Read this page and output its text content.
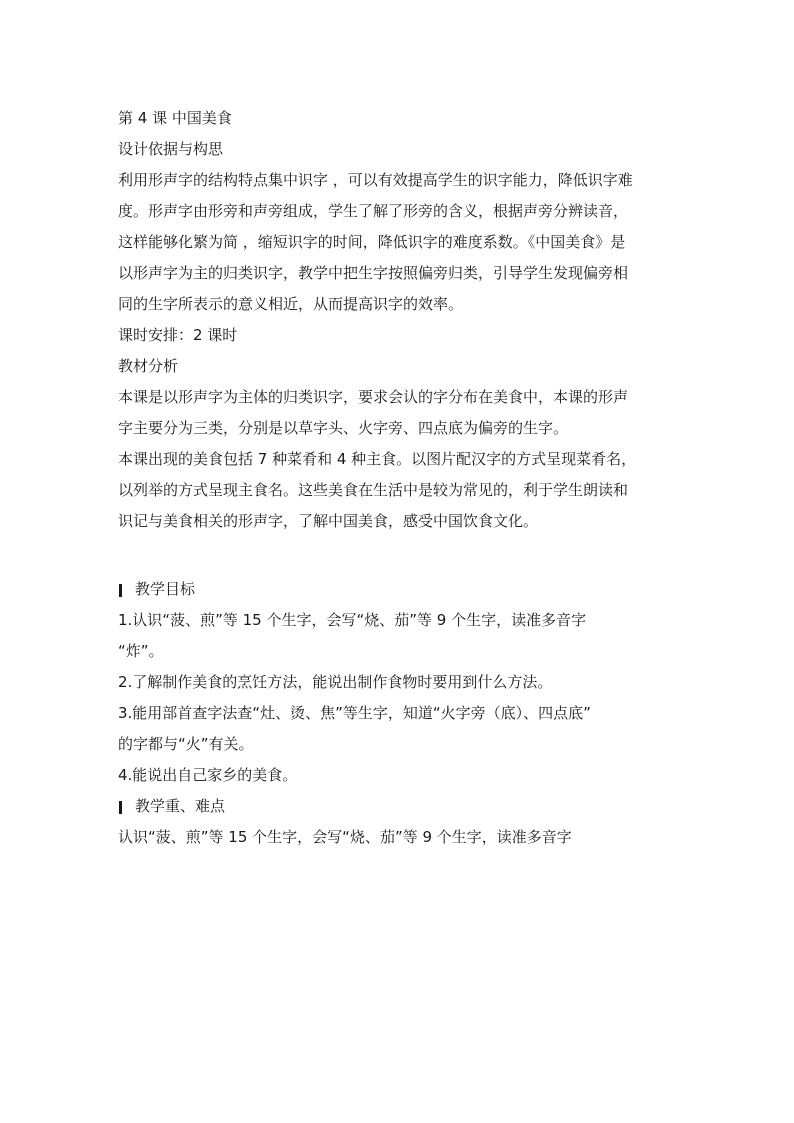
第 4 课 中国美食
设计依据与构思
利用形声字的结构特点集中识字 ，可以有效提高学生的识字能力，降低识字难
度。形声字由形旁和声旁组成，学生了解了形旁的含义，根据声旁分辨读音，
这样能够化繁为简 ，缩短识字的时间，降低识字的难度系数。《中国美食》是
以形声字为主的归类识字，教学中把生字按照偏旁归类，引导学生发现偏旁相
同的生字所表示的意义相近，从而提高识字的效率。
课时安排：2 课时
教材分析
本课是以形声字为主体的归类识字，要求会认的字分布在美食中，本课的形声
字主要分为三类，分别是以草字头、火字旁、四点底为偏旁的生字。
本课出现的美食包括 7 种菜肴和 4 种主食。以图片配汉字的方式呈现菜肴名，
以列举的方式呈现主食名。这些美食在生活中是较为常见的，利于学生朗读和
识记与美食相关的形声字，了解中国美食，感受中国饮食文化。
教学目标
1.认识“菠、煎”等 15 个生字，会写“烧、茄”等 9 个生字，读准多音字
“炸”。
2.了解制作美食的烹饪方法，能说出制作食物时要用到什么方法。
3.能用部首查字法查“灶、烫、焦”等生字，知道“火字旁（底）、四点底”
的字都与“火”有关。
4.能说出自己家乡的美食。
教学重、难点
认识“菠、煎”等 15 个生字，会写“烧、茄”等 9 个生字，读准多音字
